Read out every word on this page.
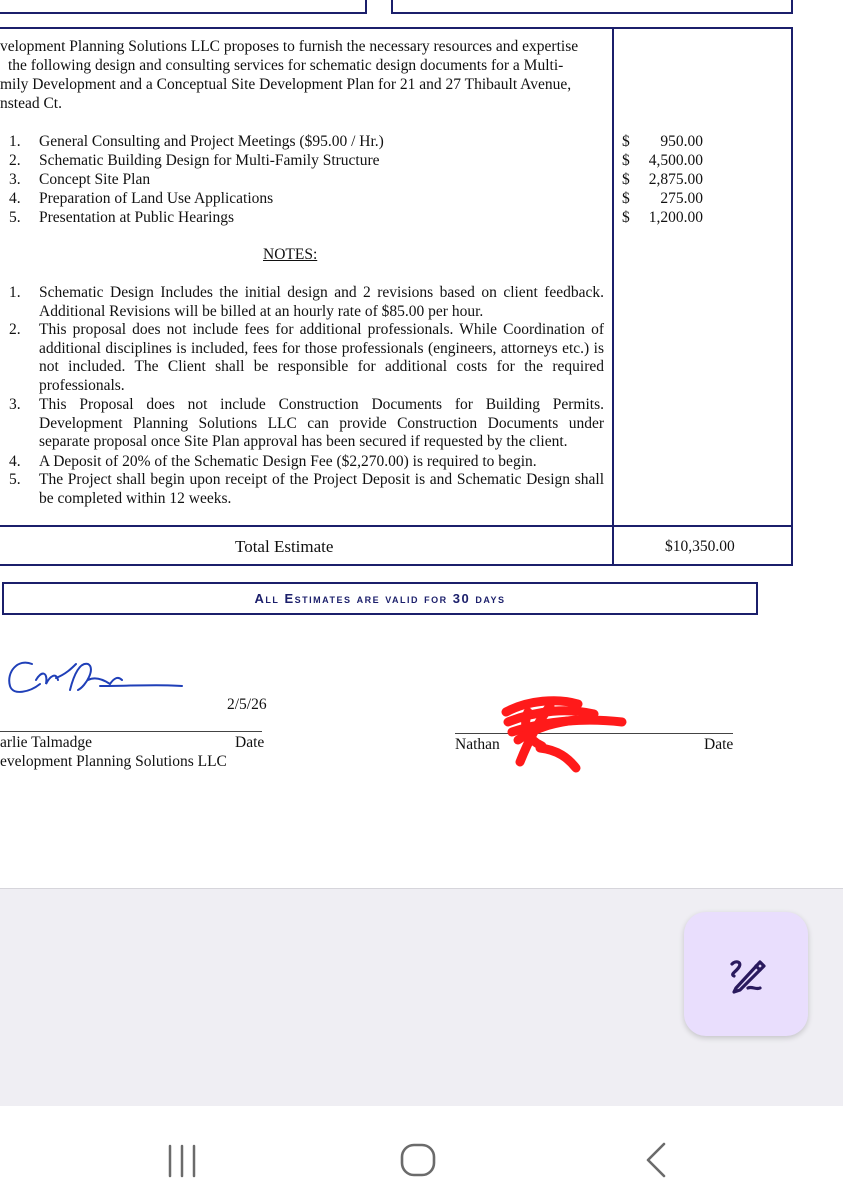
velopment Planning Solutions LLC proposes to furnish the necessary resources and expertise
the following design and consulting services for schematic design documents for a Multi-
mily Development and a Conceptual Site Development Plan for 21 and 27 Thibault Avenue,
nstead Ct.
1. General Consulting and Project Meetings ($95.00 / Hr.)	$ 950.00
2. Schematic Building Design for Multi-Family Structure	$ 4,500.00
3. Concept Site Plan	$ 2,875.00
4. Preparation of Land Use Applications	$ 275.00
5. Presentation at Public Hearings	$ 1,200.00
NOTES:
1. Schematic Design Includes the initial design and 2 revisions based on client feedback. Additional Revisions will be billed at an hourly rate of $85.00 per hour.
2. This proposal does not include fees for additional professionals. While Coordination of additional disciplines is included, fees for those professionals (engineers, attorneys etc.) is not included. The Client shall be responsible for additional costs for the required professionals.
3. This Proposal does not include Construction Documents for Building Permits. Development Planning Solutions LLC can provide Construction Documents under separate proposal once Site Plan approval has been secured if requested by the client.
4. A Deposit of 20% of the Schematic Design Fee ($2,270.00) is required to begin.
5. The Project shall begin upon receipt of the Project Deposit is and Schematic Design shall be completed within 12 weeks.
Total Estimate	$10,350.00
All Estimates are valid for 30 days
2/5/26
arlie Talmadge	Date
evelopment Planning Solutions LLC
Nathan	Date
